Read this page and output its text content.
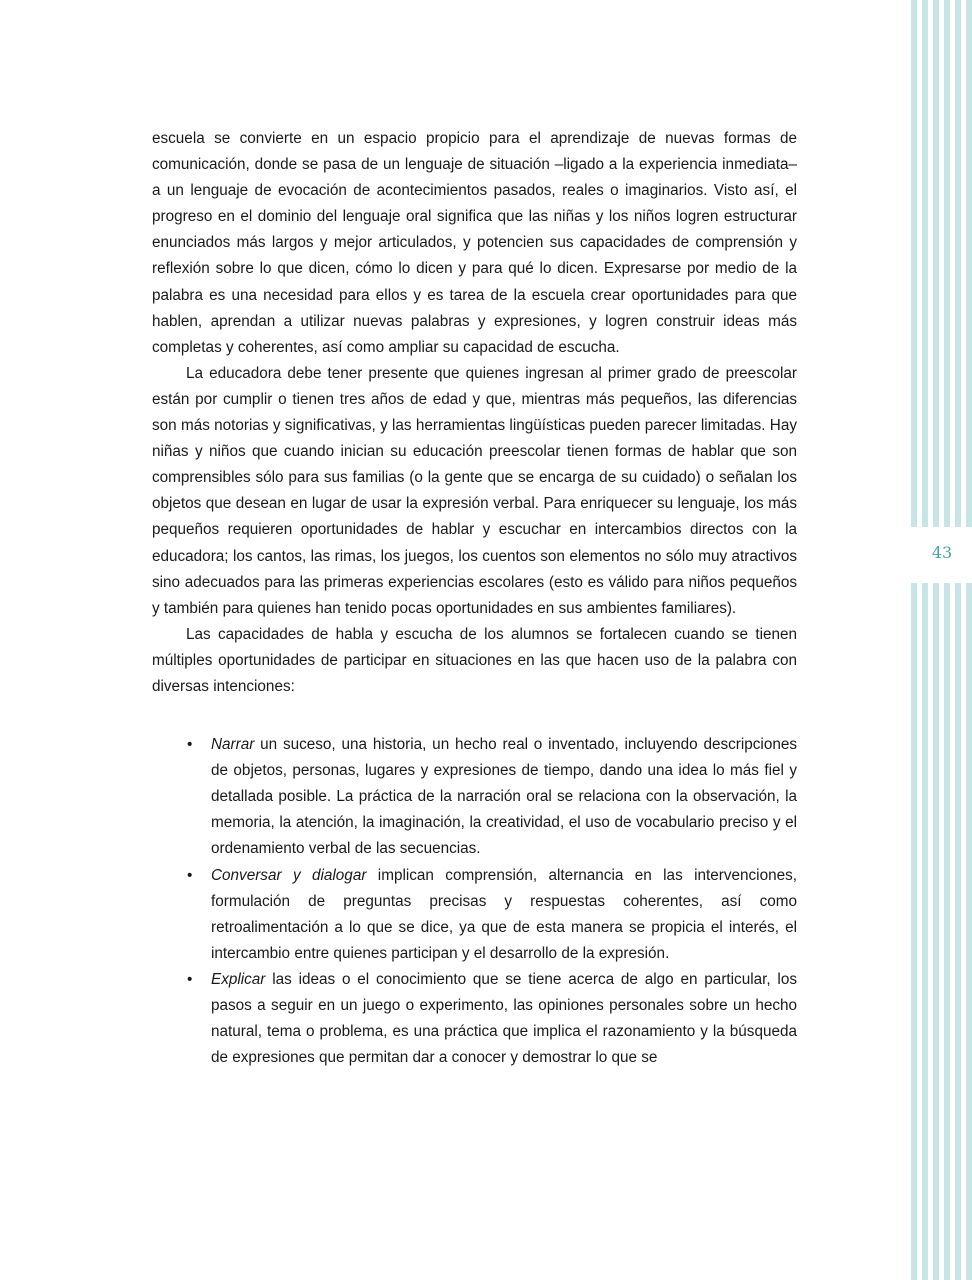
43

escuela se convierte en un espacio propicio para el aprendizaje de nuevas formas de comunicación, donde se pasa de un lenguaje de situación –ligado a la experiencia inmediata– a un lenguaje de evocación de acontecimientos pasados, reales o imaginarios. Visto así, el progreso en el dominio del lenguaje oral significa que las niñas y los niños logren estructurar enunciados más largos y mejor articulados, y potencien sus capacidades de comprensión y reflexión sobre lo que dicen, cómo lo dicen y para qué lo dicen. Expresarse por medio de la palabra es una necesidad para ellos y es tarea de la escuela crear oportunidades para que hablen, aprendan a utilizar nuevas palabras y expresiones, y logren construir ideas más completas y coherentes, así como ampliar su capacidad de escucha.

La educadora debe tener presente que quienes ingresan al primer grado de preescolar están por cumplir o tienen tres años de edad y que, mientras más pequeños, las diferencias son más notorias y significativas, y las herramientas lingüísticas pueden parecer limitadas. Hay niñas y niños que cuando inician su educación preescolar tienen formas de hablar que son comprensibles sólo para sus familias (o la gente que se encarga de su cuidado) o señalan los objetos que desean en lugar de usar la expresión verbal. Para enriquecer su lenguaje, los más pequeños requieren oportunidades de hablar y escuchar en intercambios directos con la educadora; los cantos, las rimas, los juegos, los cuentos son elementos no sólo muy atractivos sino adecuados para las primeras experiencias escolares (esto es válido para niños pequeños y también para quienes han tenido pocas oportunidades en sus ambientes familiares).

Las capacidades de habla y escucha de los alumnos se fortalecen cuando se tienen múltiples oportunidades de participar en situaciones en las que hacen uso de la palabra con diversas intenciones:

• Narrar un suceso, una historia, un hecho real o inventado, incluyendo descripciones de objetos, personas, lugares y expresiones de tiempo, dando una idea lo más fiel y detallada posible. La práctica de la narración oral se relaciona con la observación, la memoria, la atención, la imaginación, la creatividad, el uso de vocabulario preciso y el ordenamiento verbal de las secuencias.
• Conversar y dialogar implican comprensión, alternancia en las intervenciones, formulación de preguntas precisas y respuestas coherentes, así como retroalimentación a lo que se dice, ya que de esta manera se propicia el interés, el intercambio entre quienes participan y el desarrollo de la expresión.
• Explicar las ideas o el conocimiento que se tiene acerca de algo en particular, los pasos a seguir en un juego o experimento, las opiniones personales sobre un hecho natural, tema o problema, es una práctica que implica el razonamiento y la búsqueda de expresiones que permitan dar a conocer y demostrar lo que se
